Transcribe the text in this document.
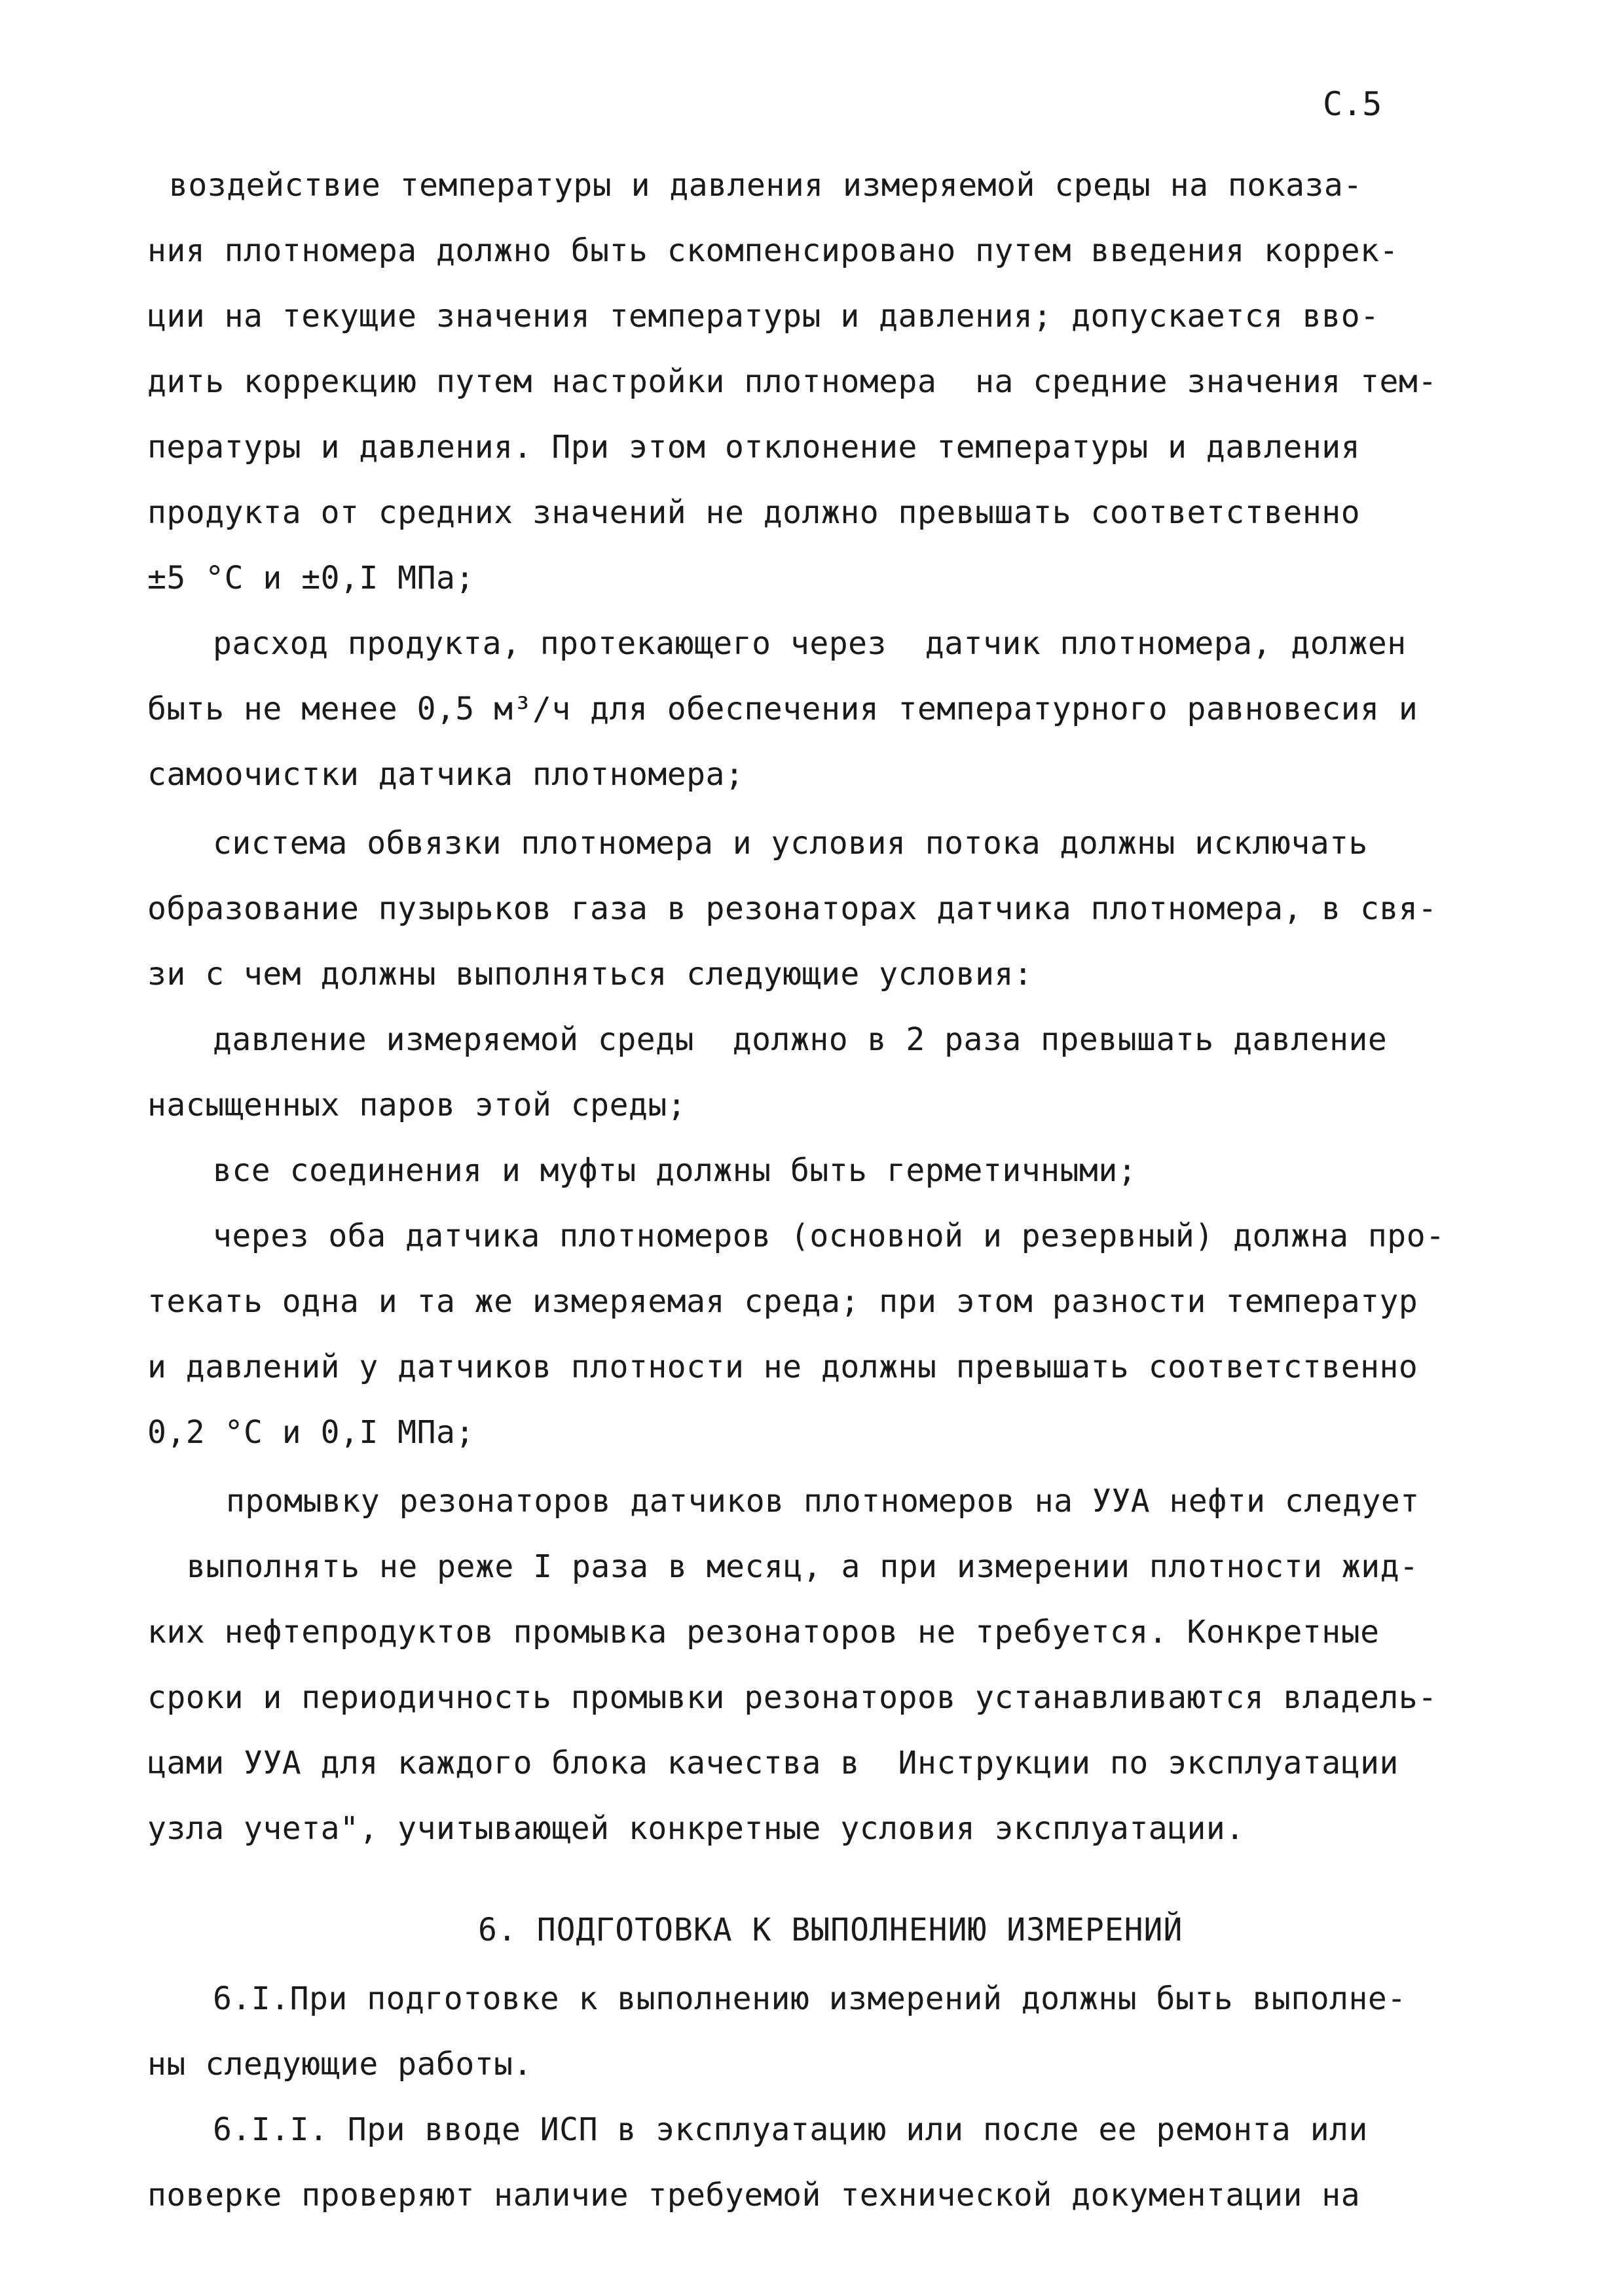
С.5
воздействие температуры и давления измеряемой среды на показа-
ния плотномера должно быть скомпенсировано путем введения коррек-
ции на текущие значения температуры и давления; допускается вво-
дить коррекцию путем настройки плотномера  на средние значения тем-
пературы и давления. При этом отклонение температуры и давления
продукта от средних значений не должно превышать соответственно
±5 °С и ±0,I МПа;
расход продукта, протекающего через  датчик плотномера, должен
быть не менее 0,5 м³/ч для обеспечения температурного равновесия и
самоочистки датчика плотномера;
система обвязки плотномера и условия потока должны исключать
образование пузырьков газа в резонаторах датчика плотномера, в свя-
зи с чем должны выполняться следующие условия:
давление измеряемой среды  должно в 2 раза превышать давление
насыщенных паров этой среды;
все соединения и муфты должны быть герметичными;
через оба датчика плотномеров (основной и резервный) должна про-
текать одна и та же измеряемая среда; при этом разности температур
и давлений у датчиков плотности не должны превышать соответственно
0,2 °С и 0,I МПа;
промывку резонаторов датчиков плотномеров на УУА нефти следует
выполнять не реже I раза в месяц, а при измерении плотности жид-
ких нефтепродуктов промывка резонаторов не требуется. Конкретные
сроки и периодичность промывки резонаторов устанавливаются владель-
цами УУА для каждого блока качества в  Инструкции по эксплуатации
узла учета", учитывающей конкретные условия эксплуатации.
6. ПОДГОТОВКА К ВЫПОЛНЕНИЮ ИЗМЕРЕНИЙ
6.I.При подготовке к выполнению измерений должны быть выполне-
ны следующие работы.
6.I.I. При вводе ИСП в эксплуатацию или после ее ремонта или
поверке проверяют наличие требуемой технической документации на
